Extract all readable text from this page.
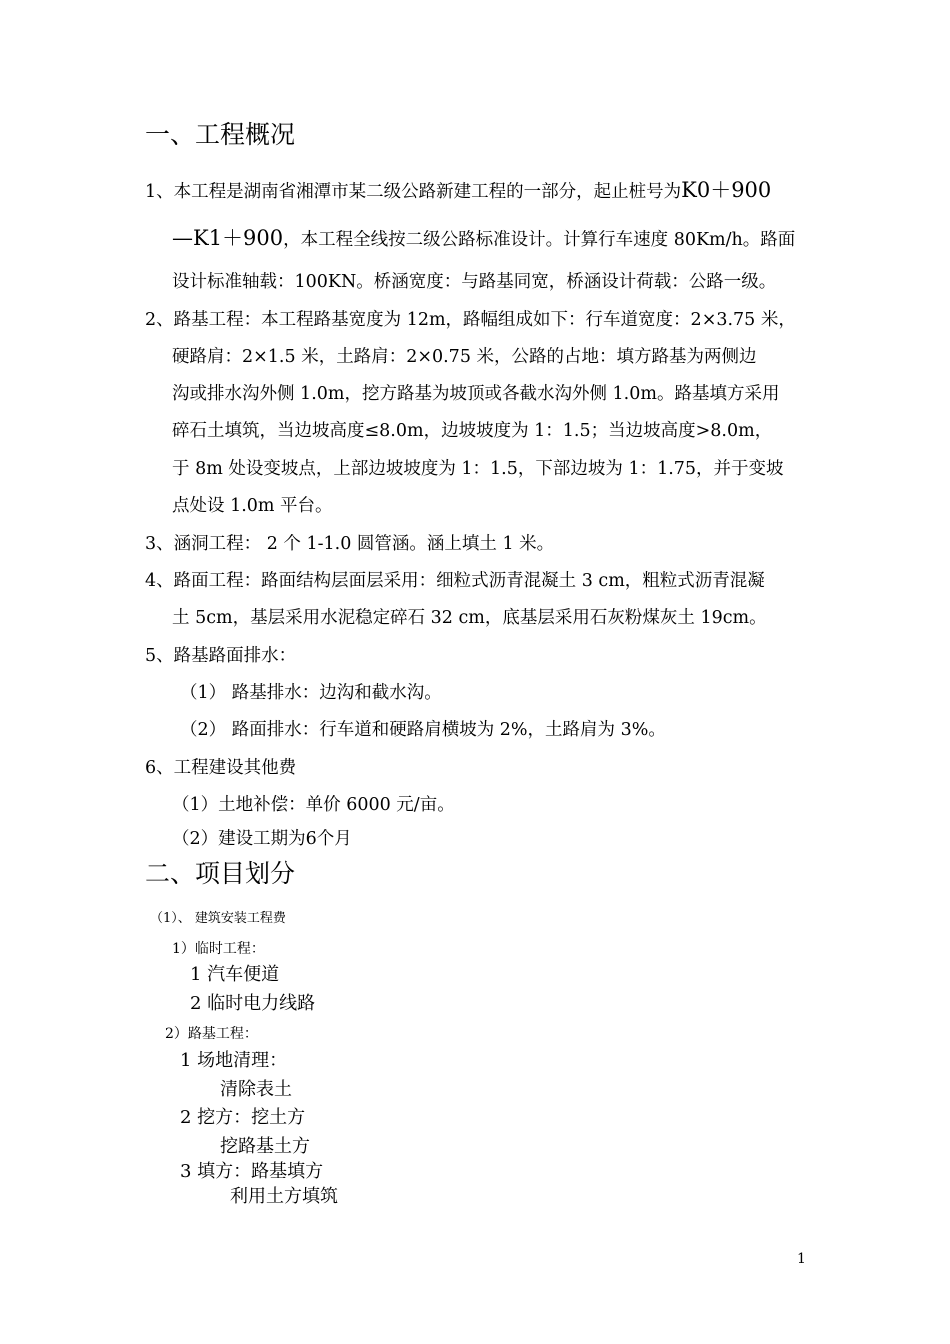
一、工程概况
1、本工程是湖南省湘潭市某二级公路新建工程的一部分，起止桩号为K0＋900
—K1＋900，本工程全线按二级公路标准设计。计算行车速度 80Km/h。路面
设计标准轴载：100KN。桥涵宽度：与路基同宽，桥涵设计荷载：公路一级。
2、路基工程：本工程路基宽度为 12m，路幅组成如下：行车道宽度：2×3.75 米，
硬路肩：2×1.5 米，土路肩：2×0.75 米，公路的占地：填方路基为两侧边
沟或排水沟外侧 1.0m，挖方路基为坡顶或各截水沟外侧 1.0m。路基填方采用
碎石土填筑，当边坡高度≤8.0m，边坡坡度为 1：1.5；当边坡高度>8.0m，
于 8m 处设变坡点，上部边坡坡度为 1：1.5，下部边坡为 1：1.75，并于变坡
点处设 1.0m 平台。
3、涵洞工程： 2 个 1-1.0 圆管涵。涵上填土 1 米。
4、路面工程：路面结构层面层采用：细粒式沥青混凝土 3 cm，粗粒式沥青混凝
土 5cm，基层采用水泥稳定碎石 32 cm，底基层采用石灰粉煤灰土 19cm。
5、路基路面排水：
（1） 路基排水：边沟和截水沟。
（2） 路面排水：行车道和硬路肩横坡为 2%，土路肩为 3%。
6、工程建设其他费
（1）土地补偿：单价 6000 元/亩。
（2）建设工期为6个月
二、项目划分
（1）、 建筑安装工程费
1）临时工程：
1 汽车便道
2 临时电力线路
2）路基工程：
1 场地清理：
清除表土
2 挖方：挖土方
挖路基土方
3 填方：路基填方
利用土方填筑
1
